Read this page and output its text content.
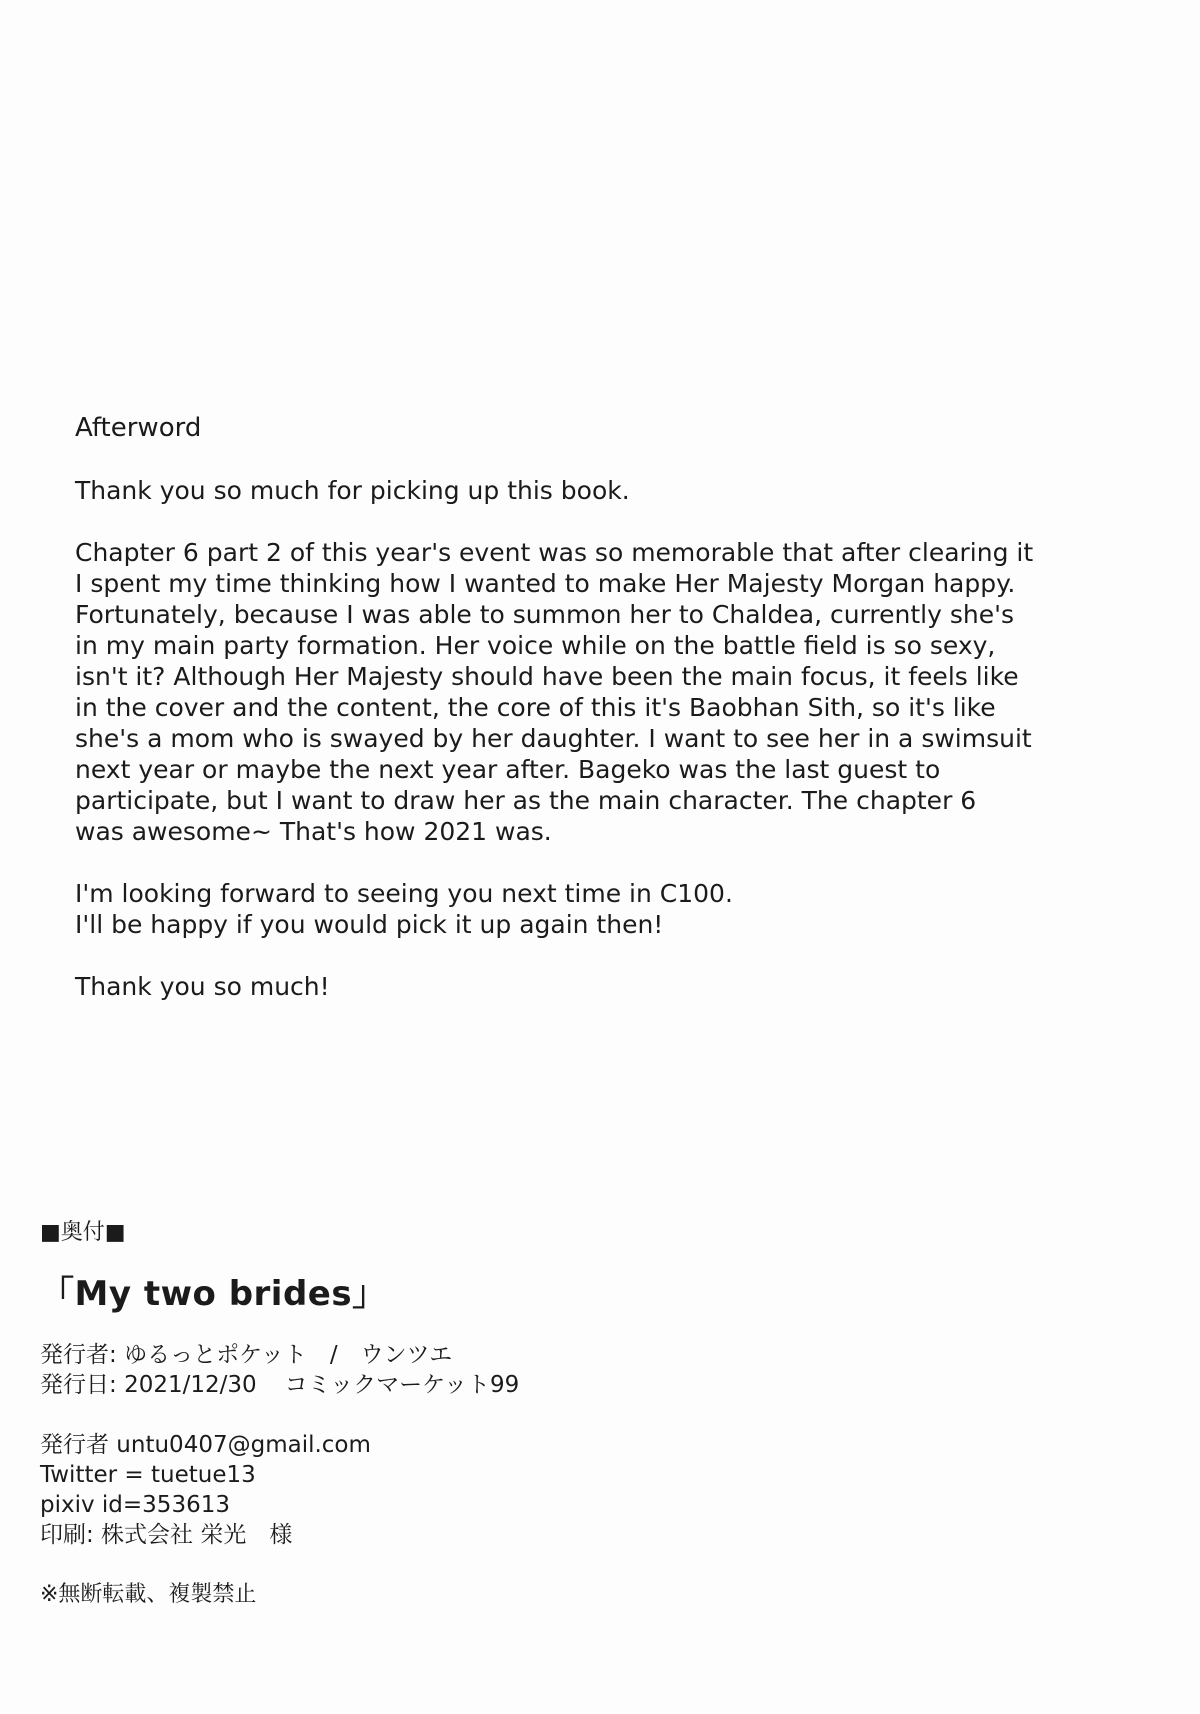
Afterword

Thank you so much for picking up this book.

Chapter 6 part 2 of this year's event was so memorable that after clearing it
I spent my time thinking how I wanted to make Her Majesty Morgan happy.
Fortunately, because I was able to summon her to Chaldea, currently she's
in my main party formation. Her voice while on the battle field is so sexy,
isn't it? Although Her Majesty should have been the main focus, it feels like
in the cover and the content, the core of this it's Baobhan Sith, so it's like
she's a mom who is swayed by her daughter. I want to see her in a swimsuit
next year or maybe the next year after. Bageko was the last guest to
participate, but I want to draw her as the main character. The chapter 6
was awesome~ That's how 2021 was.

I'm looking forward to seeing you next time in C100.
I'll be happy if you would pick it up again then!

Thank you so much!

■奥付■
「My two brides」
発行者: ゆるっとポケット　/　ウンツエ
発行日: 2021/12/30 コミックマーケット99
発行者 untu0407@gmail.com
Twitter = tuetue13
pixiv id=353613
印刷: 株式会社 栄光　様
※無断転載、複製禁止
